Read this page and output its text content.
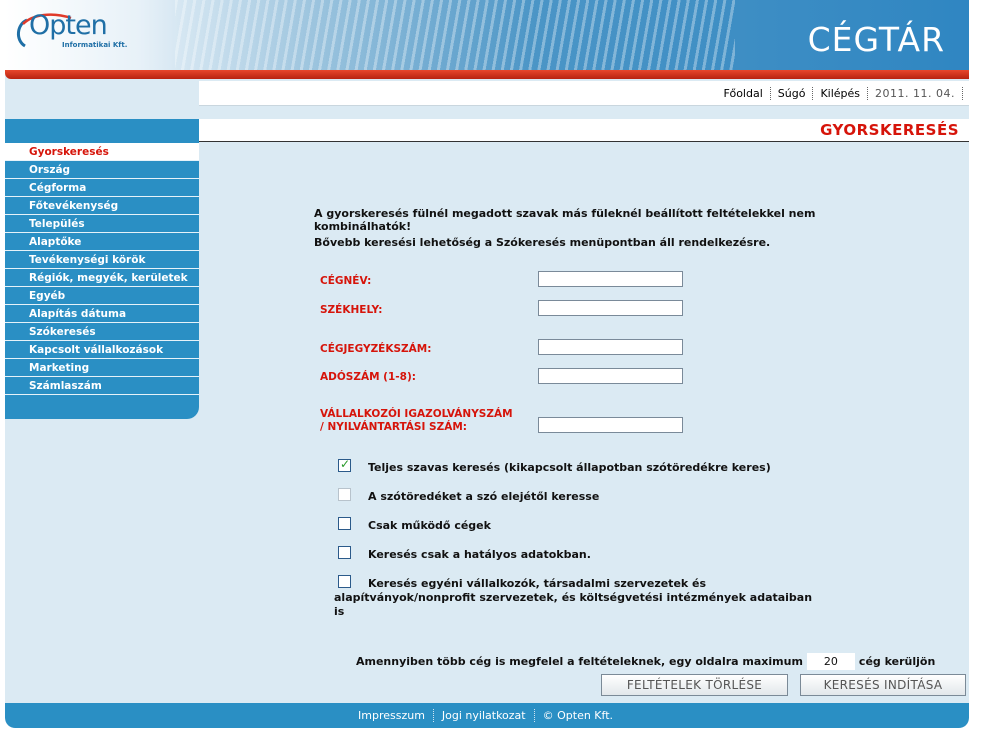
Opten
Informatikai Kft.	CÉGTÁR
Főoldal	Súgó	Kilépés	2011. 11. 04.
Gyorskeresés
Ország
Cégforma
Főtevékenység
Település
Alaptőke
Tevékenységi körök
Régiók, megyék, kerületek
Egyéb
Alapítás dátuma
Szókeresés
Kapcsolt vállalkozások
Marketing
Számlaszám
GYORSKERESÉS
A gyorskeresés fülnél megadott szavak más füleknél beállított feltételekkel nem kombinálhatók!
Bővebb keresési lehetőség a Szókeresés menüpontban áll rendelkezésre.
CÉGNÉV:
SZÉKHELY:
CÉGJEGYZÉKSZÁM:
ADÓSZÁM (1-8):
VÁLLALKOZÓI IGAZOLVÁNYSZÁM
/ NYILVÁNTARTÁSI SZÁM:
✓ Teljes szavas keresés (kikapcsolt állapotban szótöredékre keres)
A szótöredéket a szó elejétől keresse
Csak működő cégek
Keresés csak a hatályos adatokban.
Keresés egyéni vállalkozók, társadalmi szervezetek és
alapítványok/nonprofit szervezetek, és költségvetési intézmények adataiban
is
Amennyiben több cég is megfelel a feltételeknek, egy oldalra maximum	20	cég kerüljön
FELTÉTELEK TÖRLÉSE	KERESÉS INDÍTÁSA
Impresszum	Jogi nyilatkozat	© Opten Kft.
